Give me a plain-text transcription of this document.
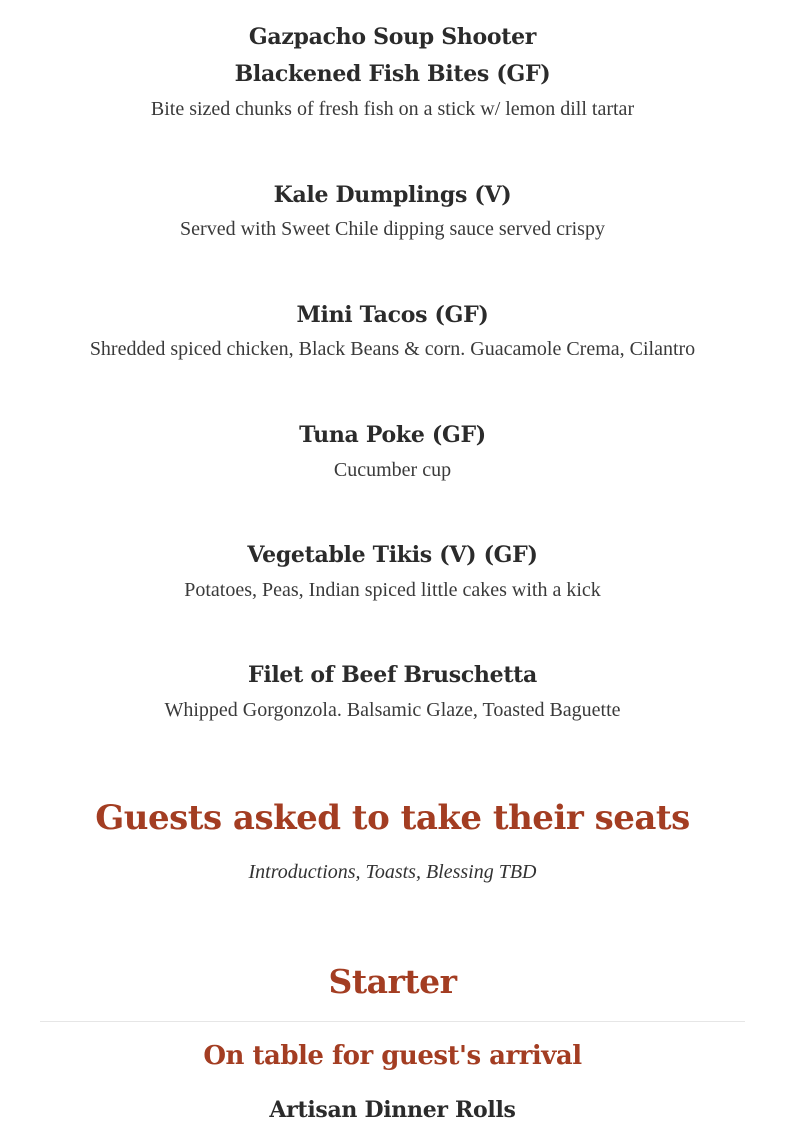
Gazpacho Soup Shooter
Blackened Fish Bites (GF)
Bite sized chunks of fresh fish on a stick w/ lemon dill tartar
Kale Dumplings (V)
Served with Sweet Chile dipping sauce served crispy
Mini Tacos (GF)
Shredded spiced chicken, Black Beans & corn. Guacamole Crema, Cilantro
Tuna Poke (GF)
Cucumber cup
Vegetable Tikis (V) (GF)
Potatoes, Peas, Indian spiced little cakes with a kick
Filet of Beef Bruschetta
Whipped Gorgonzola. Balsamic Glaze, Toasted Baguette
Guests asked to take their seats
Introductions, Toasts, Blessing TBD
Starter
On table for guest's arrival
Artisan Dinner Rolls
